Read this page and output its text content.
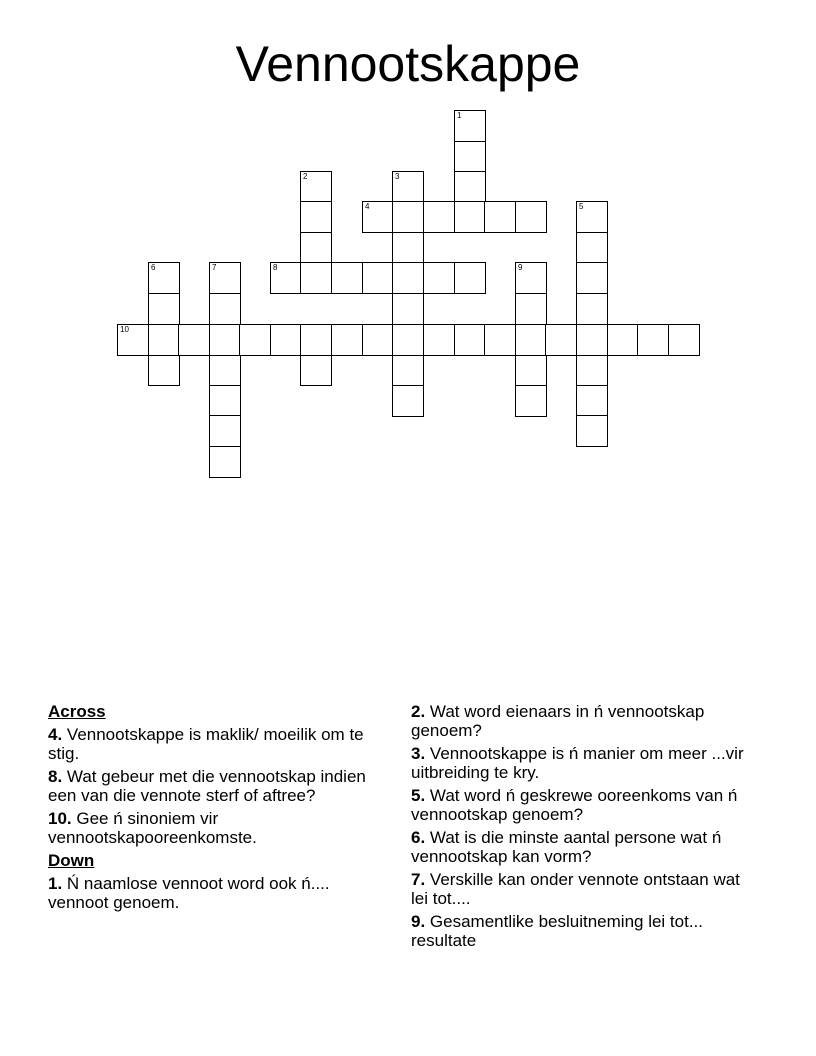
Vennootskappe
1
2	3
4	5
6	7	8	9
10
Across
4. Vennootskappe is maklik/ moeilik om te stig.
8. Wat gebeur met die vennootskap indien een van die vennote sterf of aftree?
10. Gee ń sinoniem vir vennootskapooreenkomste.
Down
1. Ń naamlose vennoot word ook ń.... vennoot genoem.
2. Wat word eienaars in ń vennootskap genoem?
3. Vennootskappe is ń manier om meer ...vir uitbreiding te kry.
5. Wat word ń geskrewe ooreenkoms van ń vennootskap genoem?
6. Wat is die minste aantal persone wat ń vennootskap kan vorm?
7. Verskille kan onder vennote ontstaan wat lei tot....
9. Gesamentlike besluitneming lei tot... resultate
